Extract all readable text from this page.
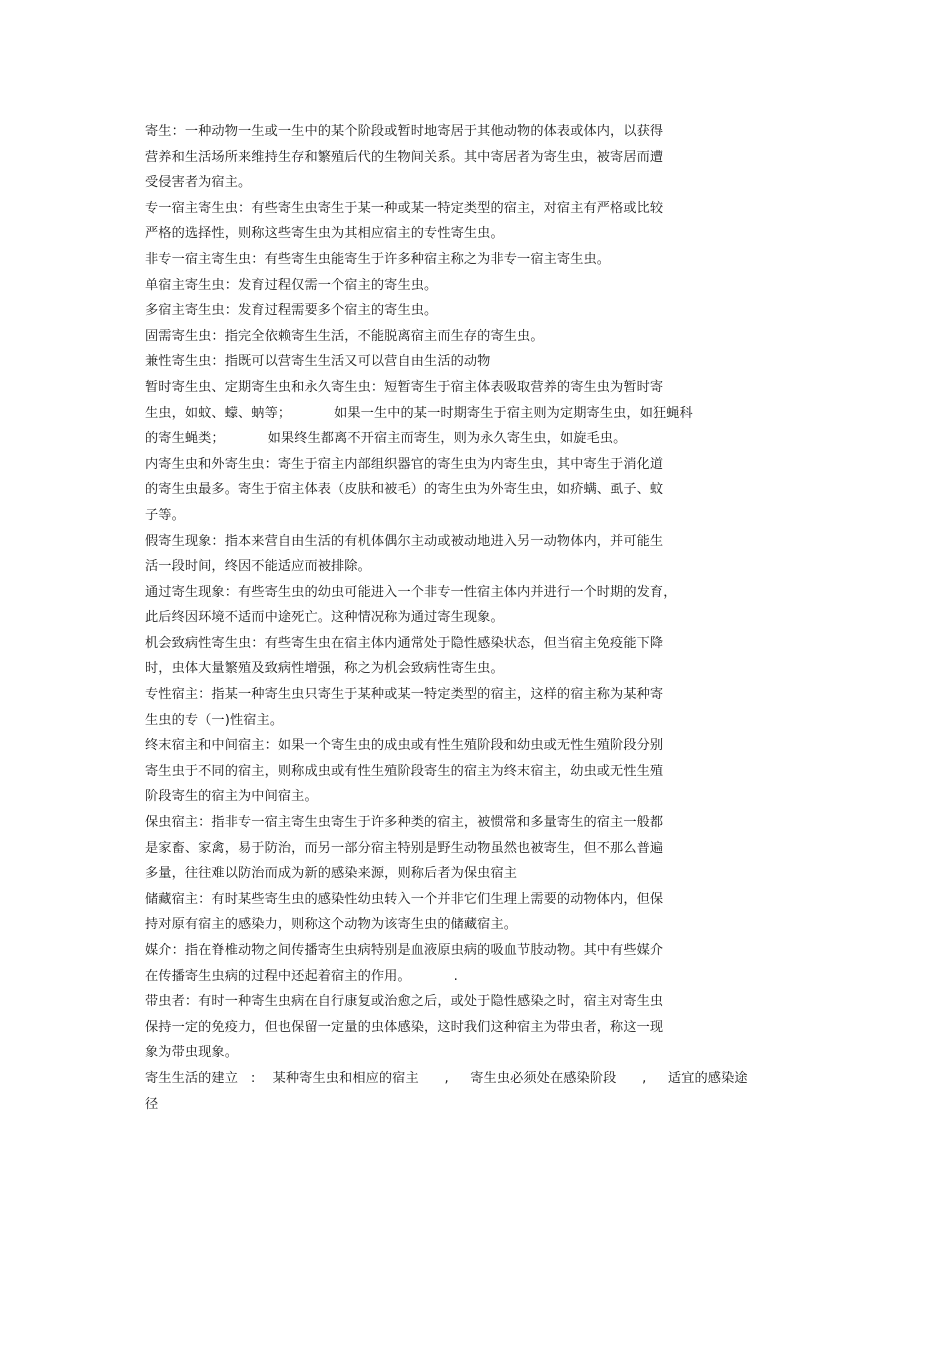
寄生：一种动物一生或一生中的某个阶段或暂时地寄居于其他动物的体表或体内，以获得
营养和生活场所来维持生存和繁殖后代的生物间关系。其中寄居者为寄生虫，被寄居而遭
受侵害者为宿主。
专一宿主寄生虫：有些寄生虫寄生于某一种或某一特定类型的宿主，对宿主有严格或比较
严格的选择性，则称这些寄生虫为其相应宿主的专性寄生虫。
非专一宿主寄生虫：有些寄生虫能寄生于许多种宿主称之为非专一宿主寄生虫。
单宿主寄生虫：发育过程仅需一个宿主的寄生虫。
多宿主寄生虫：发育过程需要多个宿主的寄生虫。
固需寄生虫：指完全依赖寄生生活，不能脱离宿主而生存的寄生虫。
兼性寄生虫：指既可以营寄生生活又可以营自由生活的动物
暂时寄生虫、定期寄生虫和永久寄生虫：短暂寄生于宿主体表吸取营养的寄生虫为暂时寄
生虫，如蚊、蠓、蚋等；          如果一生中的某一时期寄生于宿主则为定期寄生虫，如狂蝇科
的寄生蝇类；          如果终生都离不开宿主而寄生，则为永久寄生虫，如旋毛虫。
内寄生虫和外寄生虫：寄生于宿主内部组织器官的寄生虫为内寄生虫，其中寄生于消化道
的寄生虫最多。寄生于宿主体表（皮肤和被毛）的寄生虫为外寄生虫，如疥螨、虱子、蚊
子等。
假寄生现象：指本来营自由生活的有机体偶尔主动或被动地进入另一动物体内，并可能生
活一段时间，终因不能适应而被排除。
通过寄生现象：有些寄生虫的幼虫可能进入一个非专一性宿主体内并进行一个时期的发育，
此后终因环境不适而中途死亡。这种情况称为通过寄生现象。
机会致病性寄生虫：有些寄生虫在宿主体内通常处于隐性感染状态，但当宿主免疫能下降
时，虫体大量繁殖及致病性增强，称之为机会致病性寄生虫。
专性宿主：指某一种寄生虫只寄生于某种或某一特定类型的宿主，这样的宿主称为某种寄
生虫的专（一)性宿主。
终末宿主和中间宿主：如果一个寄生虫的成虫或有性生殖阶段和幼虫或无性生殖阶段分别
寄生虫于不同的宿主，则称成虫或有性生殖阶段寄生的宿主为终末宿主，幼虫或无性生殖
阶段寄生的宿主为中间宿主。
保虫宿主：指非专一宿主寄生虫寄生于许多种类的宿主，被惯常和多量寄生的宿主一般都
是家畜、家禽，易于防治，而另一部分宿主特别是野生动物虽然也被寄生，但不那么普遍
多量，往往难以防治而成为新的感染来源，则称后者为保虫宿主
储藏宿主：有时某些寄生虫的感染性幼虫转入一个并非它们生理上需要的动物体内，但保
持对原有宿主的感染力，则称这个动物为该寄生虫的储藏宿主。
媒介：指在脊椎动物之间传播寄生虫病特别是血液原虫病的吸血节肢动物。其中有些媒介
在传播寄生虫病的过程中还起着宿主的作用。          .
带虫者：有时一种寄生虫病在自行康复或治愈之后，或处于隐性感染之时，宿主对寄生虫
保持一定的免疫力，但也保留一定量的虫体感染，这时我们这种宿主为带虫者，称这一现
象为带虫现象。
寄生生活的建立   :    某种寄生虫和相应的宿主      ,     寄生虫必须处在感染阶段      ,     适宜的感染途
径
